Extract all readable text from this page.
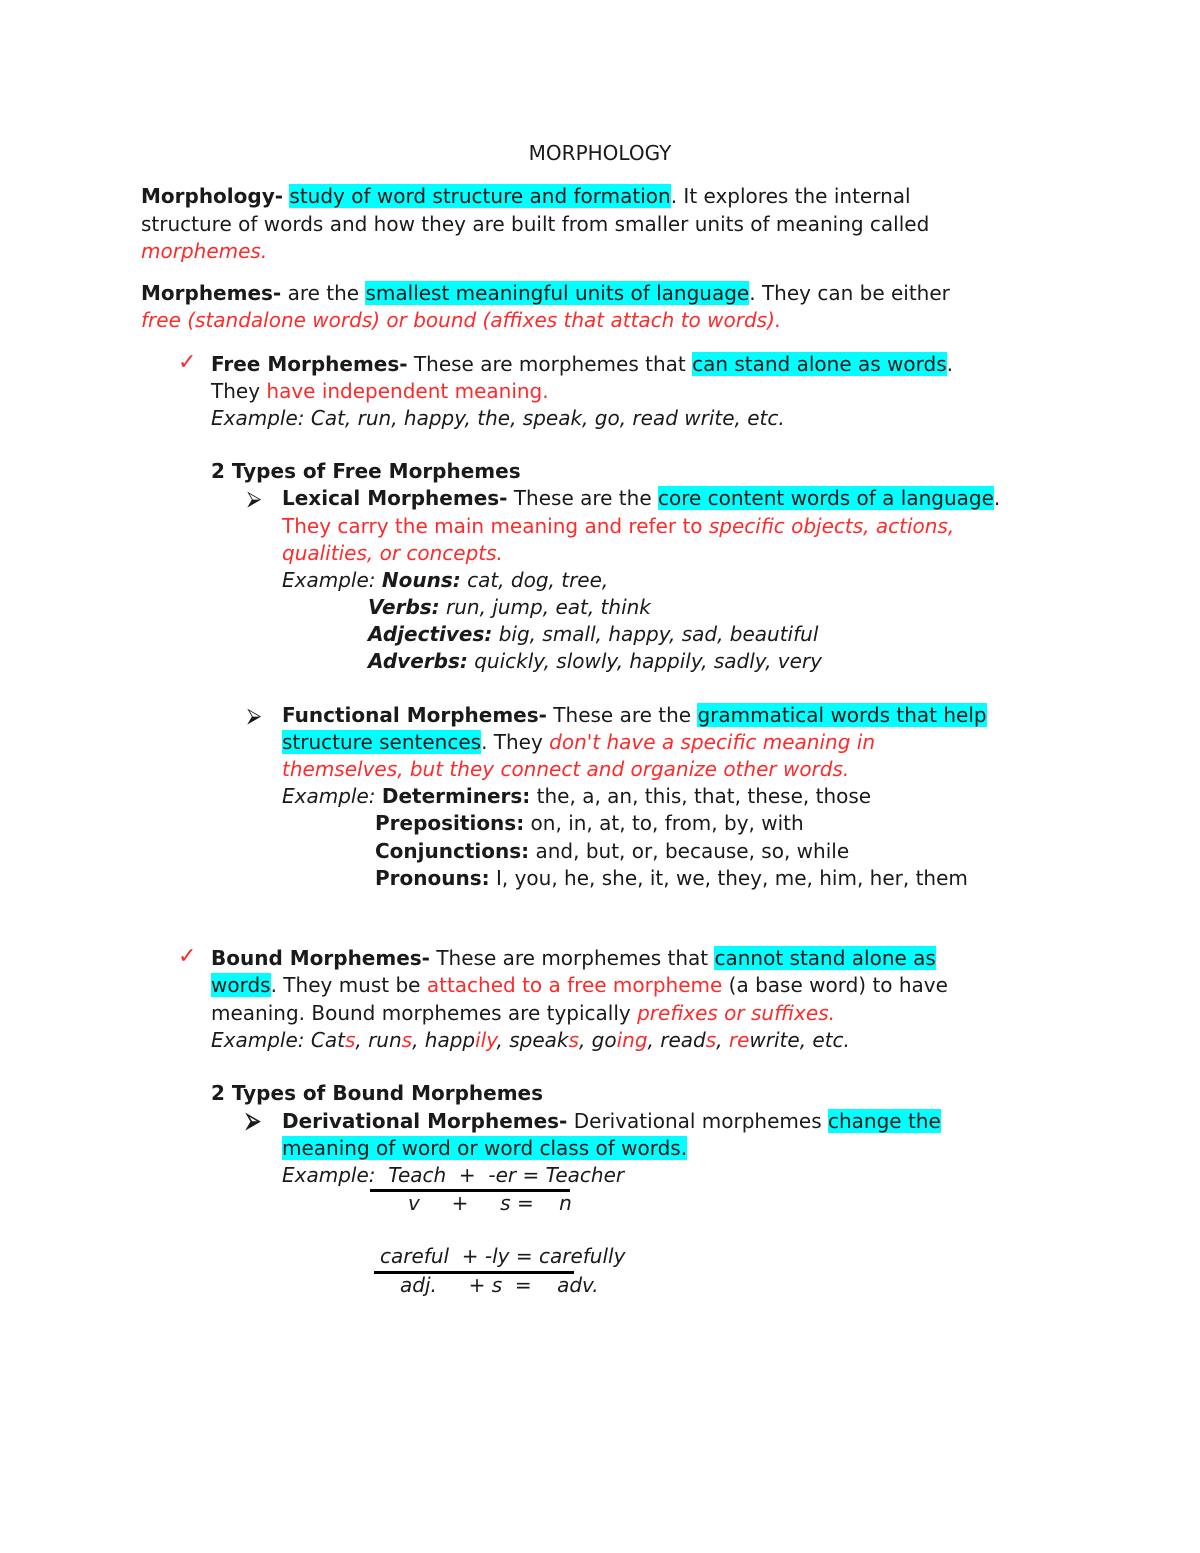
MORPHOLOGY
Morphology- study of word structure and formation. It explores the internal
structure of words and how they are built from smaller units of meaning called
morphemes.
Morphemes- are the smallest meaningful units of language. They can be either
free (standalone words) or bound (affixes that attach to words).
✓ Free Morphemes- These are morphemes that can stand alone as words.
They have independent meaning.
Example: Cat, run, happy, the, speak, go, read write, etc.
2 Types of Free Morphemes
⮚ Lexical Morphemes- These are the core content words of a language.
They carry the main meaning and refer to specific objects, actions,
qualities, or concepts.
Example: Nouns: cat, dog, tree,
Verbs: run, jump, eat, think
Adjectives: big, small, happy, sad, beautiful
Adverbs: quickly, slowly, happily, sadly, very
⮚ Functional Morphemes- These are the grammatical words that help
structure sentences. They don't have a specific meaning in
themselves, but they connect and organize other words.
Example: Determiners: the, a, an, this, that, these, those
Prepositions: on, in, at, to, from, by, with
Conjunctions: and, but, or, because, so, while
Pronouns: I, you, he, she, it, we, they, me, him, her, them
✓ Bound Morphemes- These are morphemes that cannot stand alone as
words. They must be attached to a free morpheme (a base word) to have
meaning. Bound morphemes are typically prefixes or suffixes.
Example: Cats, runs, happily, speaks, going, reads, rewrite, etc.
2 Types of Bound Morphemes
⮚ Derivational Morphemes- Derivational morphemes change the
meaning of word or word class of words.
Example:  Teach  +  -er = Teacher
v     +     s =    n
careful  + -ly = carefully
adj.     + s  =    adv.
